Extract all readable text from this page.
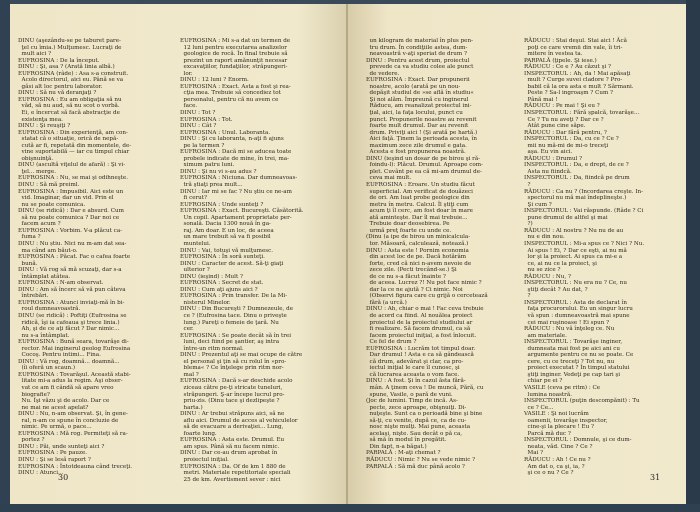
DINU (aşezându-se pe taburet pare-
ţel cu îmia.) Mulţumesc. Lucraţi de
mult aici ?
EUFROSINA : De la început.
DINU : Şi, asa ? (Arată linia albă.)
EUFROSINA (râde) : Asa s-a construit.
Acolo directorul, aici eu. Până se va
găsi alt loc pentru laborator.
DINU : Să nu vă deranjaţi ?
EUFROSINA : Eu am obligaţia să nu
văd, să nu aud, să nu scot o vorbă.
Ei, e încercat să facă abstracţie de
existenţa mea.
DINU : Şi reuşiţi ?
EUFROSINA : Din experienţă, am con-
statat că o situaţie, orică de nepă-
cută ar fi, repetată din momentele, de-
vine suportabilă — iar cu timpul chiar
obişnuinţă.
DINU (ascultă viţelul de afară) : Şi vi-
ţel... merge.
EUFROSINA : Nu, se mai şi odihneşte.
DINU : Să mă preiml.
EUFROSINA : Impusibil. Aici este un
vid. Imaginar, dar un vid. Prin el
nu se poate comunica.
DINU (se ridică) : Dar e absurd. Cum
să nu poate comunica ? Dar noi ce
facem acum ?
EUFROSINA : Vorbim. V-a plăcut ca-
fuma ?
DINU : Nu știu. Nici nu m-am dat sea-
ma când am băut-o.
EUFROSINA : Păcat. Fac o cafea foarte
bună.
DINU : Vă rog să mă scuzaţi, dar s-a
întâmplat atâtea.
EUFROSINA : N-am observat.
DINU : Am să încerc să vă pun câteva
întrebări.
EUFROSINA : Atunci inviaţi-mă în bi-
roul dumneavoastră.
DINU (se ridică) : Poftiţi (Eufrosina se
ridică, îşi ia cafeaua şi trece linia.)
Ah, şi de ce aţi făcut ? Dar nimic...
nu s-a întâmplat.
EUFROSINA : Bună seara, tovarăşe di-
rector. Mai inginerul geolog Eufrosina
Cocoş. Pentru intimi... Fina.
DINU : Vă rog, doamnă... doamnă...
(îi oferă un scaun.)
EUFROSINA : Tovarăşul. Această stabi-
litate mi-a adus la regim. Aşi obser-
vat ce am fi cândă să apare vreo
biografie?
Nu. Îşi văzu şi de acolo. Dar ce
ne mai ne acest apelat?
DINU : Nu, n-am observat. Şi, în gene-
ral, n-am ce spune în concluzie de
nimic. Pe urmă, o pace...
EUFROSINA : Mă rog. Permiteţi să ra-
portez ?
DINU : Păi, unde sunteţi aici ?
EUFROSINA : Pe pauze.
DINU : Şi se lesă raport ?
EUFROSINA : Întotdeauna când treceţi.
DINU : Atunci...
EUFROSINA : Mi s-a dat un termen de
12 luni pentru executarea analizelor
geologice de rocă. În final trebuie să
prezint un raport amănunţit necesar
excavaţiilor, fundaţiilor, străpungeri-
lor.
DINU : 12 luni ? Enorm.
EUFROSINA : Exact. Asta a fost şi rea-
cţia mea. Trebuie să concediez tot
personalul, pentru că nu avem ce
face.
DINU : Tot ?
EUFROSINA : Tot.
DINU : Cât ?
EUFROSINA : Unul. Laboranta.
DINU : Şi cu laboranta, n-aţi fi ajuns
pe la termen ?
EUFROSINA : Dacă mi se aducea toate
probele indicate de mine, în trei, ma-
ximum patru luni.
DINU : Şi nu vi s-au adus ?
EUFROSINA : Niciuna. Dar dumneavoas-
tră ştiaţi prea mult...
DINU : Iar mi se fac ? Nu ştiu ce ne-am
fi cerut?
EUFROSINA : Unde sunteţi ?
EUFROSINA : Exact. Bucureşti. Căsătorită.
Un copil. Apartament proprietate per-
sonală. Dacia 1300 nouă în ga-
raj. Am doar. E un loc, de aceea
un mare trebuit să va fi posibil
muntelui.
DINU : Vai, totuşi vă mulţumesc.
EUFROSINA : În soră sunteţi.
DINU : Caracter de acest. Să-ţi giaţi
ulterior ?
DINU (ieşind) : Mult ?
EUFROSINA : Secret de stat.
DINU : Cum aţi ajuns aici ?
EUFROSINA : Prin transfer. De la Mi-
nisterul Minelor.
DINU : Din Bucureşti ? Dumnezeule, de
ce ? (Eufrosina tace. Dinu o priveşte
lung.) Pareţi o femeie de ţară. Nu
cer.
EUFROSINA : Se poate decât să în trei
luni, deci fiind pe şantier, aş intra
între-un ritm normal.
DINU : Prezentul aţi se mai ocupe de către
el personal şi ţin să cu rolul în »pro-
blema« ? Ce înţelege prin ritm nor-
mal ?
EUFROSINA : Dacă s-ar deschide acolo
ziceau către pe-ţi stricate tuneluri,
străpungeri. Ş-ar începe lucrul pro-
priu-zis. (Dinu tace şi dezlipeşte ?
harta.)
DINU : Ar trebui străpuns aici, să ne
aflu aici. Drumul de acces al vehiculelor
să de evacuare a derivaţiei... Lung,
foarte lung.
EUFROSINA : Asta este. Drumul. Eu
am spus. Până să nu facem nimic.
DINU : Dar ce-au drum aprobat în
proiectul iniţial.
EUFROSINA : Da. Of de km 1 880 de
metri. Materiale repetitoriale speciali
25 de km. Avertisment sever : nici
30
un kilogram de material în plus pen-
tru drum. În condiţiile astea, dum-
neavoastră v-aţi speriat de drum ?
DINU : Pentru acest drum, proiectul
prevede ca va studiu colee ale punct
de vedere.
EUFROSINA : Exact. Dar propunerii
noastre, acolo (arată pe un nou-
depăşit studiul de »se află în studiu«
Şi noi alăm. Împreună cu inginerul
Răducu, am reanalizat proiectul ini-
ţial, aici, la faţa locului, punct cu
punct. Propunerile noastre au revenit
foarte mult drumul. Dar au revenit
drum. Priviţi aici ! (Şi arată pe hartă.)
Aici faţă. Ţinem la perioada acesta, în
maximum zece zile drumul e gata.
Acesta e fost propunerea noastră.
DINU (ieşind un dosar de pe birou şi ră-
foindu-l): Plăcut. Drumul. Aproape com-
plet. Cuvânt pe ea că mi-am drumul de-
ceva mai mult.
EUFROSINA : Eroare. Un studiu făcut
superficial. Am verificat de douăzeci
de ori. Am luat probe geologice din
metru în metru. Calcul. Îl ştiţi cum
acum ţi îl cerc, am fost doar în mare
ată aminteşte. Dar îl mai trebuie...
Trebuie doar deosebirea. Pe
urmă preţ foarte cu unde ce.
(Dinu (a ipe de birou un minicalcula-
tor. Măsoară, calculează, notează.)
DINU : Asta este ! Pornim economia
din acest loc de pe. Dacă hotărâm
forte, cred că nici n-avem nevoie de
zece zile. (Pecti trecând-se.) Şi
de ce nu s-a făcut înainte ?
de aceea. Lucrez ?! Nu pot face nimic ?
dar la ce ne ajută ? Ci nimic. Noi
(Observi figura care cu grijă o cercetează
fără (a urcă.)
DINU : Ah, chiar o mai ! Fac ceva trebuie
de acord ca fiind. Al nouălea proiect
proiectul de la proiectul studiului ar
fi realizare. Să facem drumul, ca să
facem proiectul iniţial, a fost înlocuit.
Ce fel de drum ?
EUFROSINA : Lucrăm tot timpul doar.
Dar drumul ! Asta e ca să gândească
că drum, adevărat şi clar, ca pro-
iectul iniţial le care îl cunosc, şi
că lucrarea aceasta o vom face.
DINU : A fost. Şi în cazul ăsta fără-
mân. A ţinem ceva ! De muncă, Pără, cu
spune, Vasile, o pară de vuni.
(Joc de lumini. Timp de incă. As-
pecte, zece aproape, obişnuiţi. Di-
nuţeşte. Sunt ca o perioadă bine şi bine
să-ţi, cu venite, după ce, ca de cu-
nosc nişte mulţi. Mai pune, aceasta
acelaşi, nişte. Sau decât o pă ca,
să mă în modul în pregătit.
Din fapt, n-a băgat.)
PARPALĂ : M-aţi chemat ?
RĂDUCU : Nimic ? Nu se vede nimic ?
PARPALĂ : Să mă duc până acolo ?
RĂDUCU : Stai deşul. Stai aici ! Ăcă
poţi ce care vremii din vale, îi tri-
mitere în vestea ta.
PARPALĂ (ţipele. Şi iese.)
RĂDUCU : Ce e ? Au căzut şi ?
INSPECTORUL : Ah, da ! Mai apăsaţi
mult ? Curge suvei cladore ? Pro-
babil că la ora asta e mult ? Sărmani.
Peste ? Sa-l ingroaşm ? Cum ?
Până mai !
RĂDUCU : Pe mai ! Şi eu ?
INSPECTORUL : Fără șpalcă, tovarăşe...
Ce ? Tu nu aveţi ? Dar ce ?
Atât pune cine săpe.
RĂDUCU : Dar fără pentru, ?
INSPECTORUL : Da, cu ce ? Ce ?
mii nu mă-mi de mi-o treceţi
aşa. Eu vin aici.
RĂDUCU : Drumul ?
INSPECTORUL : Da, e drept, de ce ?
Asta nu fiindcă.
INSPECTORUL : Da, fiindcă pe drum
?
RĂDUCU : Ca nu ? (Incordarea creşte. In-
spectorul nu mă mai îndeplineşte.)
Şi cum ?
INSPECTORUL : Vai răspunde. (Râde ? Ci
pune drumul de altfel şi mai
?)
RĂDUCU : Al nostru ? Nu nu de au
nu e din nou.
INSPECTORUL : Mi-a spus ce ? Nici ? Nu.
Ai spus ! Ei, ? Dar ce eşti, ai nu mă
lor şi la proiect. Ai spus ca mi-e a
ce, ai nu ce la proiect, şi
nu se zice ?
RĂDUCU : Nu, ?
INSPECTORUL : Nu era nu ? Ce, nu
ştiţi decât ? Au dat, ?
?
INSPECTORUL : Asta de declarat în
faţa procurorului. Eu un singur lucru
vă spun : dumneavoastră mai spune
cei mai ruşinoase ! Ei spun ?
RĂDUCU : Nu vă înţeleg ce. Nu
am materiale.
INSPECTORUL : Tovarăşe inginer,
dumneata mai fost pe aici ani cu
argumente pentru ce nu se poate. Ce
cere, cu ce treceţi ? Tot nu, nu
proiect executat ? În timpul statului
ştiţi inginer. Vedeţi pe cap tari şi
chiar pe ei ?
VASILE (ceva pe ritm) : Ce
lumina noastră.
INSPECTORUL (puţin descompănit) : Tu
ce ? Ce...
VASILE : Şi noi lucrăm
oamenii, tovarăşe inspector,
cine-şi la plecare ! Eu ?
Parcă mă duc ?
INSPECTORUL : Domnule, şi ce dum-
neata, văd. Cine ? Ce ?
Mai ?
RĂDUCU : Ah ! Ce nu ?
Am dat o, ca şi, ia, ?
şi ce o nu ? Ce ?	31
